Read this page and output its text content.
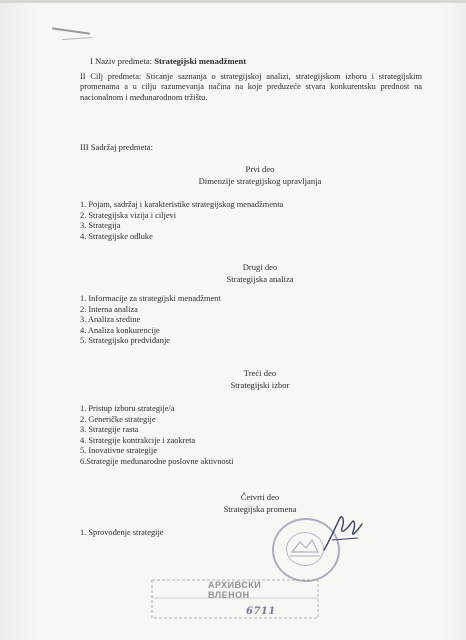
I Naziv predmeta: Strategijski menadžment
II Cilj predmeta: Sticanje saznanja o strategijskoj analizi, strategijskom izboru i strategijskim promenama a u cilju razumevanja načina na koje preduzeće stvara konkurentsku prednost na nacionalnom i međunarodnom tržištu.
III Sadržaj predmeta:
Prvi deo
Dimenzije strategijskog upravljanja
1. Pojam, sadržaj i karakteristike strategijskog menadžmenta
2. Strategijska vizija i ciljevi
3. Strategija
4. Strategijske odluke
Drugi deo
Strategijska analiza
1. Informacije za strategijski menadžment
2. Interna analiza
3. Analiza sredine
4. Analiza konkurencije
5. Strategijsko predviđanje
Treći deo
Strategijski izbor
1. Pristup izboru strategije/a
2. Generičke strategije
3. Strategije rasta
4. Strategije kontrakcije i zaokreta
5. Inovativne strategije
6.Strategije međunarodne poslovne aktivnosti
Četvrti deo
Strategijska promena
1. Sprovođenje strategije
АРХИВСКИ
ВЛЕНОН
6711
